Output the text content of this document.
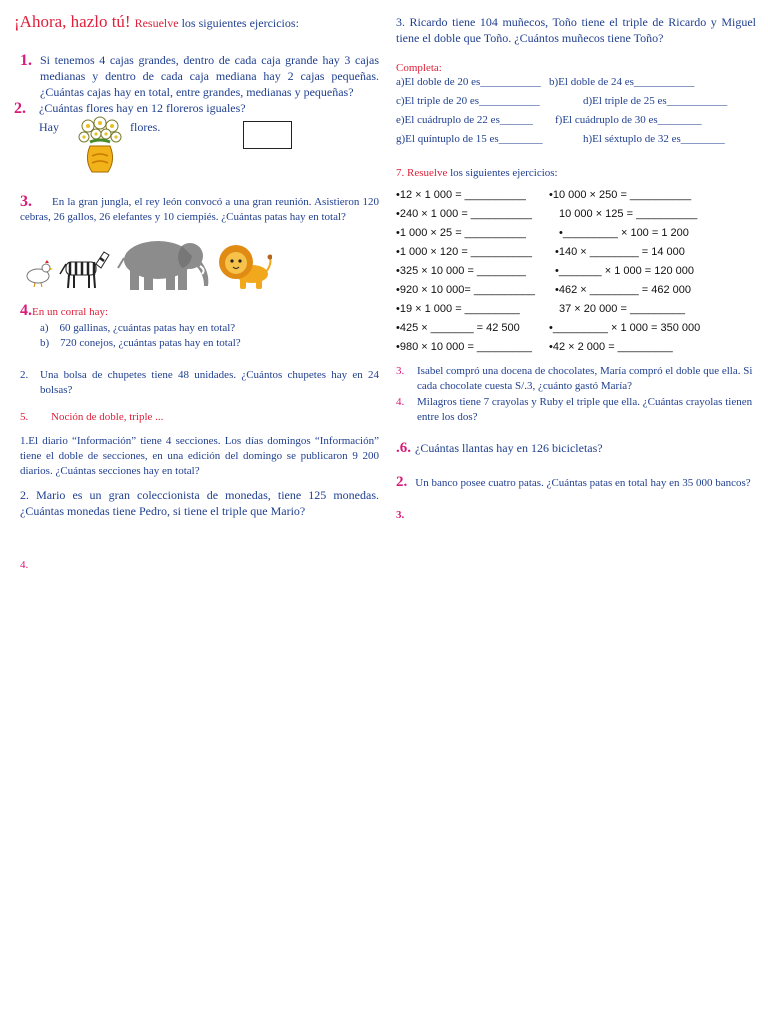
¡Ahora, hazlo tú! Resuelve los siguientes ejercicios:
1. Si tenemos 4 cajas grandes, dentro de cada caja grande hay 3 cajas medianas y dentro de cada caja mediana hay 2 cajas pequeñas. ¿Cuántas cajas hay en total, entre grandes, medianas y pequeñas?
2. ¿Cuántas flores hay en 12 floreros iguales?
Hay	flores.
3.	En la gran jungla, el rey león convocó a una gran reunión. Asistieron 120 cebras, 26 gallos, 26 elefantes y 10 ciempiés. ¿Cuántas patas hay en total?
4.En un corral hay:
a) 60 gallinas, ¿cuántas patas hay en total?
b) 720 conejos, ¿cuántas patas hay en total?
2. Una bolsa de chupetes tiene 48 unidades. ¿Cuántos chupetes hay en 24 bolsas?
5. Noción de doble, triple ...
1.El diario “Información” tiene 4 secciones. Los días domingos “Información” tiene el doble de secciones, en una edición del domingo se publicaron 9 200 diarios. ¿Cuántas secciones hay en total?
2. Mario es un gran coleccionista de monedas, tiene 125 monedas. ¿Cuántas monedas tiene Pedro, si tiene el triple que Mario?
4.
3. Ricardo tiene 104 muñecos, Toño tiene el triple de Ricardo y Miguel tiene el doble que Toño. ¿Cuántos muñecos tiene Toño?
Completa:
a)El doble de 20 es___________ b)El doble de 24 es___________
c)El triple de 20 es___________	d)El triple de 25 es___________
e)El cuádruplo de 22 es______	f)El cuádruplo de 30 es________
g)El quíntuplo de 15 es________	h)El séxtuplo de 32 es________
7. Resuelve los siguientes ejercicios:
•12 × 1 000 = __________	•10 000 × 250 = __________
•240 × 1 000 = __________	10 000 × 125 = __________
•1 000 × 25 = __________	•_________ × 100 = 1 200
•1 000 × 120 = __________	•140 × ________ = 14 000
•325 × 10 000 = ________	•_______ × 1 000 = 120 000
•920 × 10 000= __________	•462 × ________ = 462 000
•19 × 1 000 = _________	37 × 20 000 = _________
•425 × _______ = 42 500	•_________ × 1 000 = 350 000
•980 × 10 000 = _________	•42 × 2 000 = _________
3. Isabel compró una docena de chocolates, María compró el doble que ella. Si cada chocolate cuesta S/.3, ¿cuánto gastó María?
4. Milagros tiene 7 crayolas y Ruby el triple que ella. ¿Cuántas crayolas tienen entre los dos?
.6. ¿Cuántas llantas hay en 126 bicicletas?
2. Un banco posee cuatro patas. ¿Cuántas patas en total hay en 35 000 bancos?
3.
